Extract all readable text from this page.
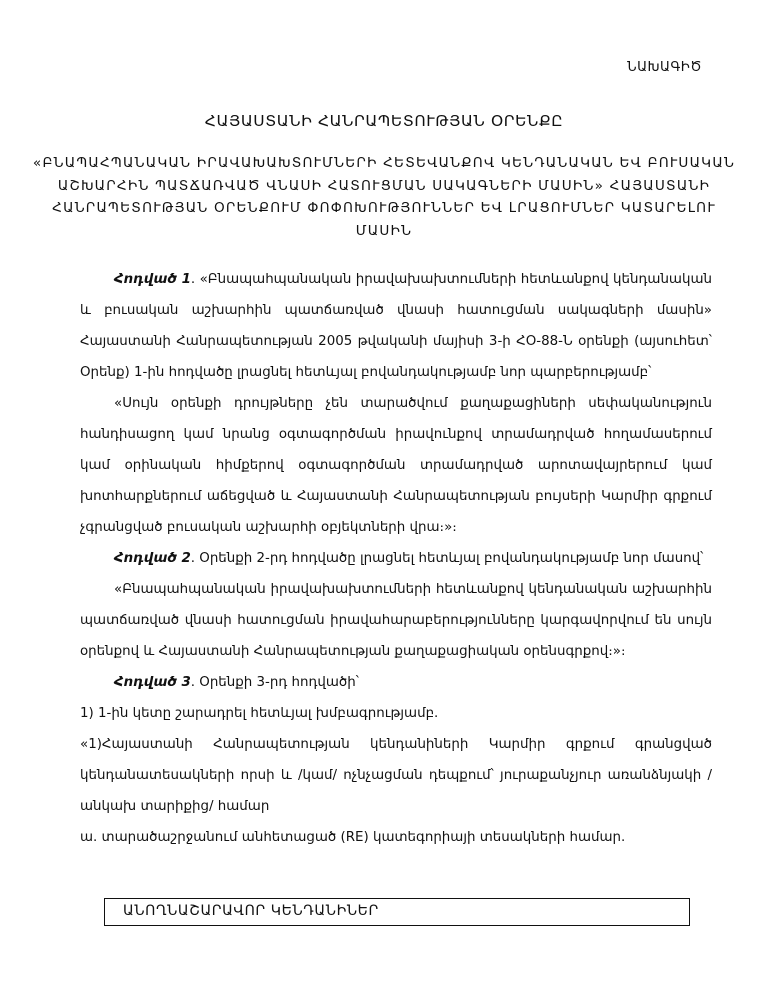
ՆԱԽԱԳԻԾ
ՀԱՅԱՍՏԱՆԻ ՀԱՆՐԱՊԵՏՈՒԹՅԱՆ ՕՐԵՆՔԸ

«ԲՆԱՊԱՀՊԱՆԱԿԱՆ ԻՐԱՎԱԽԱԽՏՈՒՄՆԵՐԻ ՀԵՏԵՎԱՆՔՈՎ ԿԵՆԴԱՆԱԿԱՆ ԵՎ ԲՈՒՍԱԿԱՆ ԱՇԽԱՐՀԻՆ ՊԱՏՃԱՌՎԱԾ ՎՆԱՍԻ ՀԱՏՈՒՑՄԱՆ ՍԱԿԱԳՆԵՐԻ ՄԱՍԻՆ» ՀԱՅԱՍՏԱՆԻ ՀԱՆՐԱՊԵՏՈՒԹՅԱՆ ՕՐԵՆՔՈՒՄ ՓՈՓՈԽՈՒԹՅՈՒՆՆԵՐ ԵՎ ԼՐԱՑՈՒՄՆԵՐ ԿԱՏԱՐԵԼՈՒ ՄԱՍԻՆ

Հոդված 1. «Բնապահպանական իրավախախտումների հետևանքով կենդանական և բուսական աշխարհին պատճառված վնասի հատուցման սակագների մասին» Հայաստանի Հանրապետության 2005 թվականի մայիսի 3-ի ՀՕ-88-Ն օրենքի (այսուհետ՝ Օրենք) 1-ին հոդվածը լրացնել հետևյալ բովանդակությամբ նոր պարբերությամբ՝

«Սույն օրենքի դրույթները չեն տարածվում քաղաքացիների սեփականություն հանդիսացող կամ նրանց օգտագործման իրավունքով տրամադրված հողամասերում կամ օրինական հիմքերով օգտագործման տրամադրված արոտավայրերում կամ խոտհարքներում աճեցված և Հայաստանի Հանրապետության բույսերի Կարմիր գրքում չգրանցված բուսական աշխարհի օբյեկտների վրա։»։

Հոդված 2. Օրենքի 2-րդ հոդվածը լրացնել հետևյալ բովանդակությամբ նոր մասով՝

«Բնապահպանական իրավախախտումների հետևանքով կենդանական աշխարհին պատճառված վնասի հատուցման իրավահարաբերությունները կարգավորվում են սույն օրենքով և Հայաստանի Հանրապետության քաղաքացիական օրենսգրքով։»։

Հոդված 3. Օրենքի 3-րդ հոդվածի՝

1) 1-ին կետը շարադրել հետևյալ խմբագրությամբ.

«1)Հայաստանի Հանրապետության կենդանիների Կարմիր գրքում գրանցված կենդանատեսակների որսի և /կամ/ ոչնչացման դեպքում՝ յուրաքանչյուր առանձնյակի /անկախ տարիքից/ համար

ա. տարածաշրջանում անհետացած (RE) կատեգորիայի տեսակների համար.

ԱՆՈՂՆԱՇԱՐԱՎՈՐ ԿԵՆԴԱՆԻՆԵՐ
